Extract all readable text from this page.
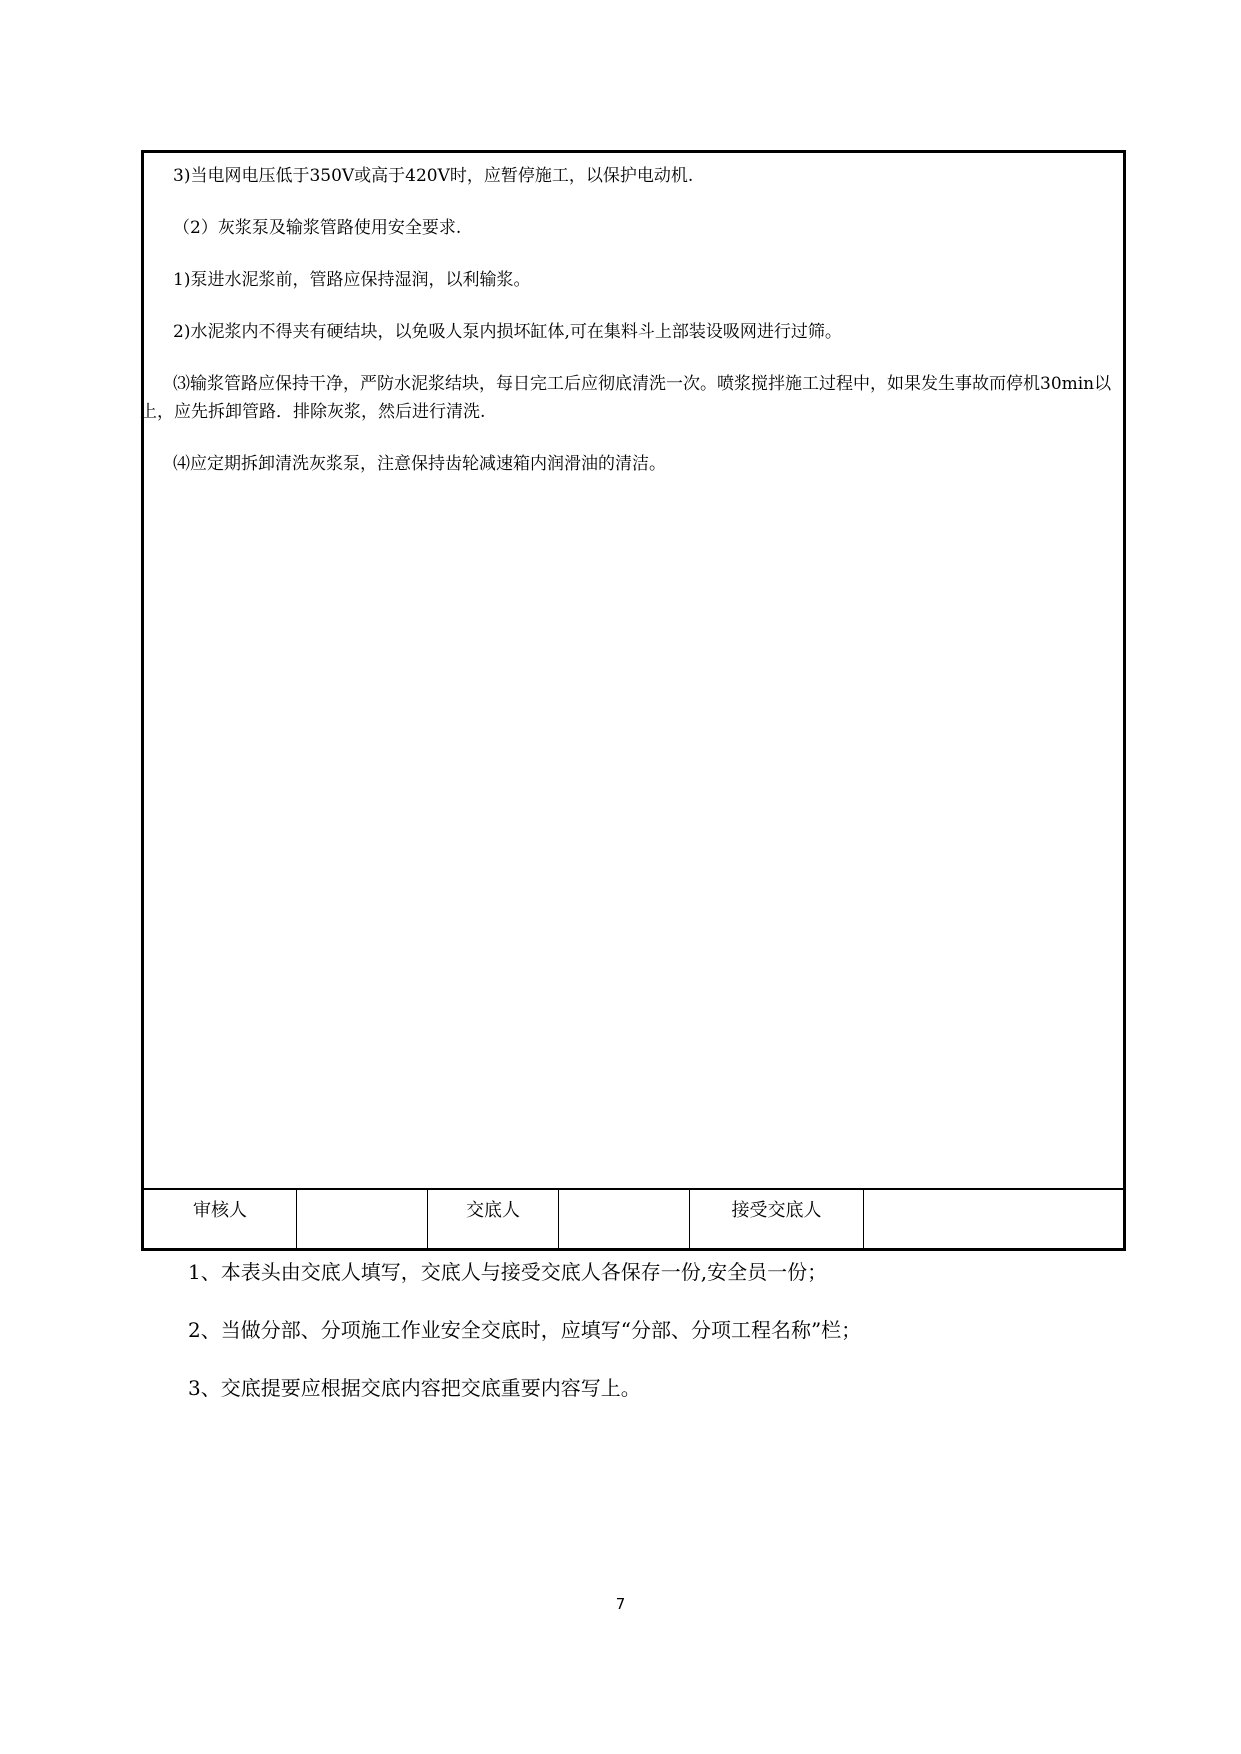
3)当电网电压低于350V或高于420V时，应暂停施工，以保护电动机.

（2）灰浆泵及输浆管路使用安全要求.

1)泵进水泥浆前，管路应保持湿润，以利输浆。

2)水泥浆内不得夹有硬结块，以免吸人泵内损坏缸体,可在集料斗上部装设吸网进行过筛。

⑶输浆管路应保持干净，严防水泥浆结块，每日完工后应彻底清洗一次。喷浆搅拌施工过程中，如果发生事故而停机30min以上，应先拆卸管路．排除灰浆，然后进行清洗.

⑷应定期拆卸清洗灰浆泵，注意保持齿轮减速箱内润滑油的清洁。

审核人	交底人	接受交底人

1、本表头由交底人填写，交底人与接受交底人各保存一份,安全员一份；

2、当做分部、分项施工作业安全交底时，应填写“分部、分项工程名称”栏；

3、交底提要应根据交底内容把交底重要内容写上。

7
